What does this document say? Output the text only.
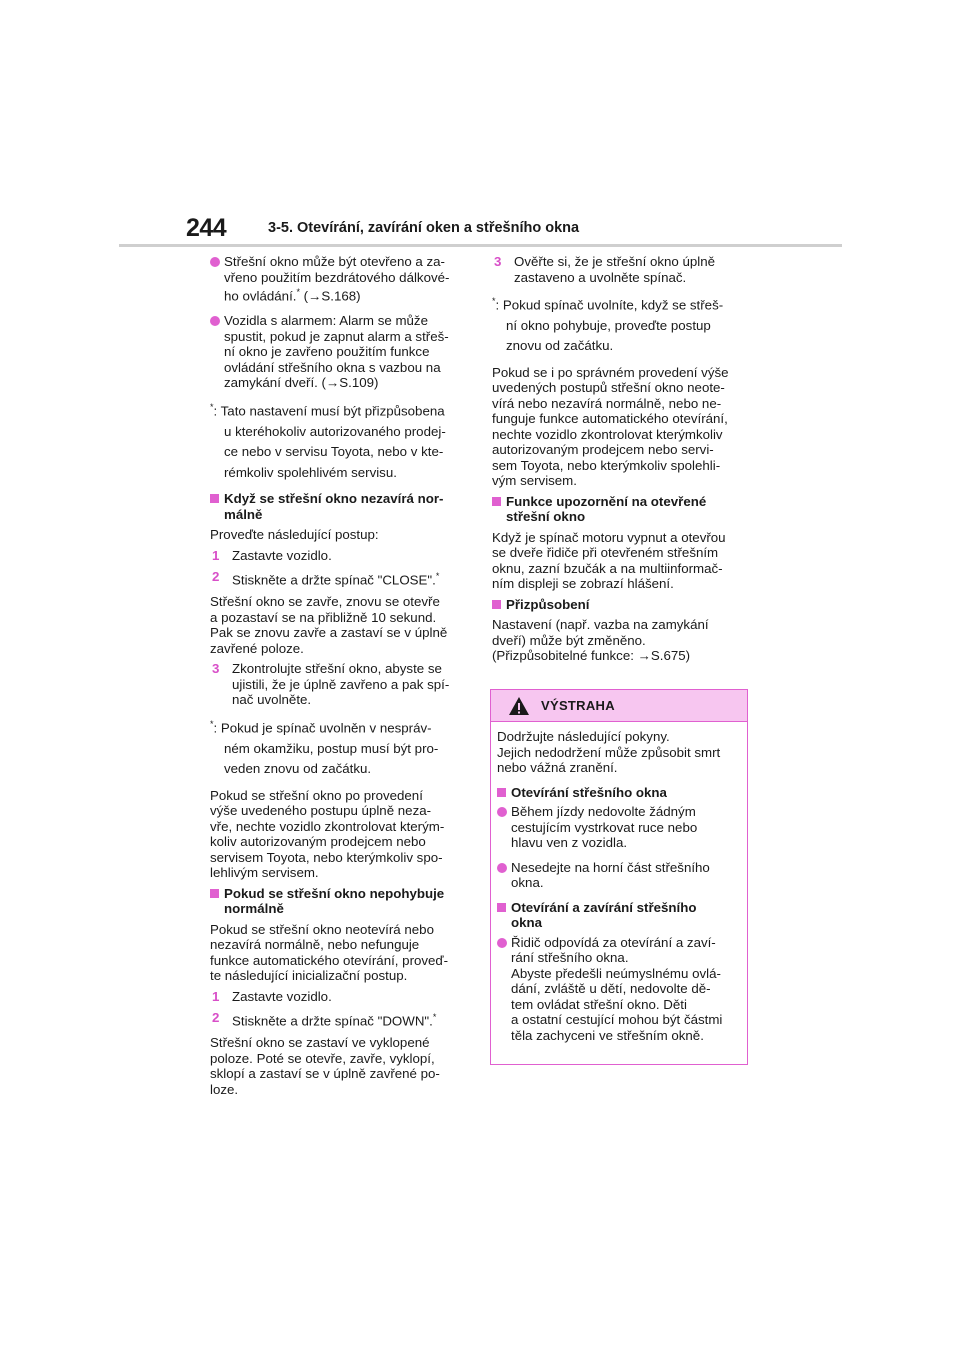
244	3-5. Otevírání, zavírání oken a střešního okna

Střešní okno může být otevřeno a za-
vřeno použitím bezdrátového dálkové-
ho ovládání.* (→S.168)

Vozidla s alarmem: Alarm se může
spustit, pokud je zapnut alarm a střeš-
ní okno je zavřeno použitím funkce
ovládání střešního okna s vazbou na
zamykání dveří. (→S.109)

*: Tato nastavení musí být přizpůsobena
u kteréhokoliv autorizovaného prodej-
ce nebo v servisu Toyota, nebo v kte-
rémkoliv spolehlivém servisu.

Když se střešní okno nezavírá nor-
málně

Proveďte následující postup:

1 Zastavte vozidlo.

2 Stiskněte a držte spínač "CLOSE".*

Střešní okno se zavře, znovu se otevře
a pozastaví se na přibližně 10 sekund.
Pak se znovu zavře a zastaví se v úplně
zavřené poloze.

3 Zkontrolujte střešní okno, abyste se
ujistili, že je úplně zavřeno a pak spí-
nač uvolněte.

*: Pokud je spínač uvolněn v nespráv-
ném okamžiku, postup musí být pro-
veden znovu od začátku.

Pokud se střešní okno po provedení
výše uvedeného postupu úplně neza-
vře, nechte vozidlo zkontrolovat kterým-
koliv autorizovaným prodejcem nebo
servisem Toyota, nebo kterýmkoliv spo-
lehlivým servisem.

Pokud se střešní okno nepohybuje
normálně

Pokud se střešní okno neotevírá nebo
nezavírá normálně, nebo nefunguje
funkce automatického otevírání, proveď-
te následující inicializační postup.

1 Zastavte vozidlo.

2 Stiskněte a držte spínač "DOWN".*

Střešní okno se zastaví ve vyklopené
poloze. Poté se otevře, zavře, vyklopí,
sklopí a zastaví se v úplně zavřené po-
loze.

3 Ověřte si, že je střešní okno úplně
zastaveno a uvolněte spínač.

*: Pokud spínač uvolníte, když se střeš-
ní okno pohybuje, proveďte postup
znovu od začátku.

Pokud se i po správném provedení výše
uvedených postupů střešní okno neote-
vírá nebo nezavírá normálně, nebo ne-
funguje funkce automatického otevírání,
nechte vozidlo zkontrolovat kterýmkoliv
autorizovaným prodejcem nebo servi-
sem Toyota, nebo kterýmkoliv spolehli-
vým servisem.

Funkce upozornění na otevřené
střešní okno

Když je spínač motoru vypnut a otevřou
se dveře řidiče při otevřeném střešním
oknu, zazní bzučák a na multiinformač-
ním displeji se zobrazí hlášení.

Přizpůsobení

Nastavení (např. vazba na zamykání
dveří) může být změněno.
(Přizpůsobitelné funkce: →S.675)

VÝSTRAHA

Dodržujte následující pokyny.
Jejich nedodržení může způsobit smrt
nebo vážná zranění.

Otevírání střešního okna

Během jízdy nedovolte žádným
cestujícím vystrkovat ruce nebo
hlavu ven z vozidla.

Nesedejte na horní část střešního
okna.

Otevírání a zavírání střešního
okna

Řidič odpovídá za otevírání a zaví-
rání střešního okna.
Abyste předešli neúmyslnému ovlá-
dání, zvláště u dětí, nedovolte dě-
tem ovládat střešní okno. Děti
a ostatní cestující mohou být částmi
těla zachyceni ve střešním okně.
